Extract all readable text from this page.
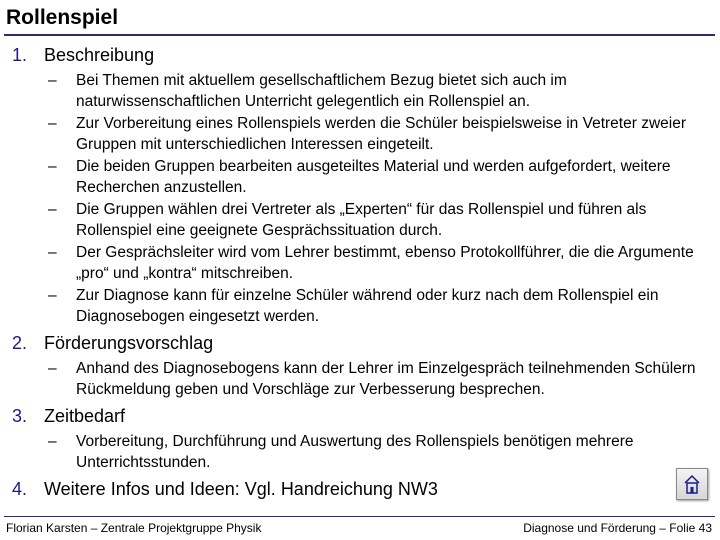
Rollenspiel
1. Beschreibung
– Bei Themen mit aktuellem gesellschaftlichem Bezug bietet sich auch im naturwissenschaftlichen Unterricht gelegentlich ein Rollenspiel an.
– Zur Vorbereitung eines Rollenspiels werden die Schüler beispielsweise in Vetreter zweier Gruppen mit unterschiedlichen Interessen eingeteilt.
– Die beiden Gruppen bearbeiten ausgeteiltes Material und werden aufgefordert, weitere Recherchen anzustellen.
– Die Gruppen wählen drei Vertreter als „Experten“ für das Rollenspiel und führen als Rollenspiel eine geeignete Gesprächssituation durch.
– Der Gesprächsleiter wird vom Lehrer bestimmt, ebenso Protokollführer, die die Argumente „pro“ und „kontra“ mitschreiben.
– Zur Diagnose kann für einzelne Schüler während oder kurz nach dem Rollenspiel ein Diagnosebogen eingesetzt werden.
2. Förderungsvorschlag
– Anhand des Diagnosebogens kann der Lehrer im Einzelgespräch teilnehmenden Schülern Rückmeldung geben und Vorschläge zur Verbesserung besprechen.
3. Zeitbedarf
– Vorbereitung, Durchführung und Auswertung des Rollenspiels benötigen mehrere Unterrichtsstunden.
4. Weitere Infos und Ideen: Vgl. Handreichung NW3
Florian Karsten – Zentrale Projektgruppe Physik	Diagnose und Förderung – Folie 43
